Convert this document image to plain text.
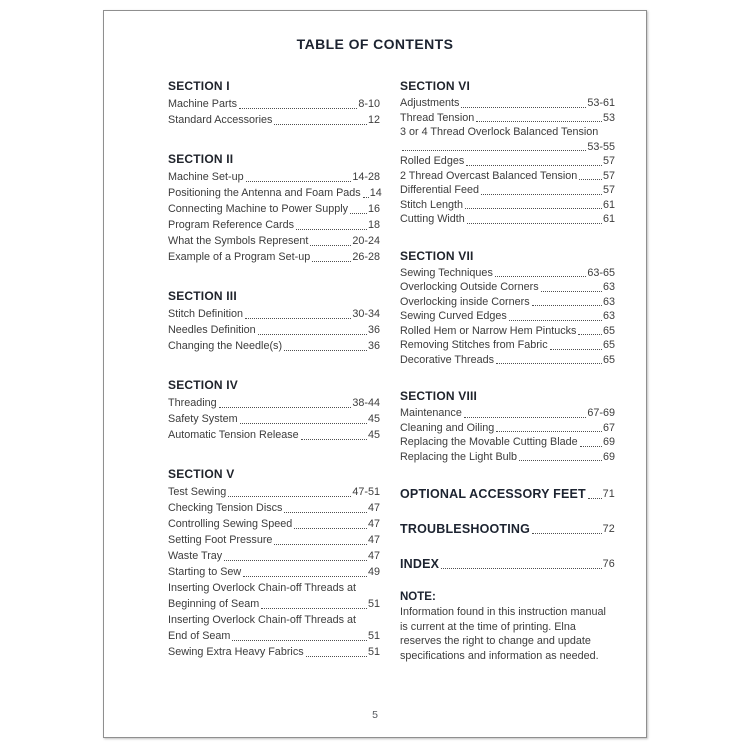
TABLE OF CONTENTS
SECTION I
Machine Parts	8-10
Standard Accessories	12
SECTION II
Machine Set-up	14-28
Positioning the Antenna and Foam Pads 14
Connecting Machine to Power Supply 16
Program Reference Cards	18
What the Symbols Represent	20-24
Example of a Program Set-up	26-28
SECTION III
Stitch Definition	30-34
Needles Definition	36
Changing the Needle(s)	36
SECTION IV
Threading	38-44
Safety System	45
Automatic Tension Release	45
SECTION V
Test Sewing	47-51
Checking Tension Discs	47
Controlling Sewing Speed	47
Setting Foot Pressure	47
Waste Tray	47
Starting to Sew	49
Inserting Overlock Chain-off Threads at
Beginning of Seam	51
Inserting Overlock Chain-off Threads at
End of Seam	51
Sewing Extra Heavy Fabrics	51
SECTION VI
Adjustments	53-61
Thread Tension	53
3 or 4 Thread Overlock Balanced Tension
53-55
Rolled Edges	57
2 Thread Overcast Balanced Tension 57
Differential Feed	57
Stitch Length	61
Cutting Width	61
SECTION VII
Sewing Techniques	63-65
Overlocking Outside Corners	63
Overlocking inside Corners	63
Sewing Curved Edges	63
Rolled Hem or Narrow Hem Pintucks 65
Removing Stitches from Fabric	65
Decorative Threads	65
SECTION VIII
Maintenance	67-69
Cleaning and Oiling	67
Replacing the Movable Cutting Blade 69
Replacing the Light Bulb	69
OPTIONAL ACCESSORY FEET 71
TROUBLESHOOTING	72
INDEX	76
NOTE:
Information found in this instruction manual is current at the time of printing. Elna reserves the right to change and update specifications and information as needed.
5
